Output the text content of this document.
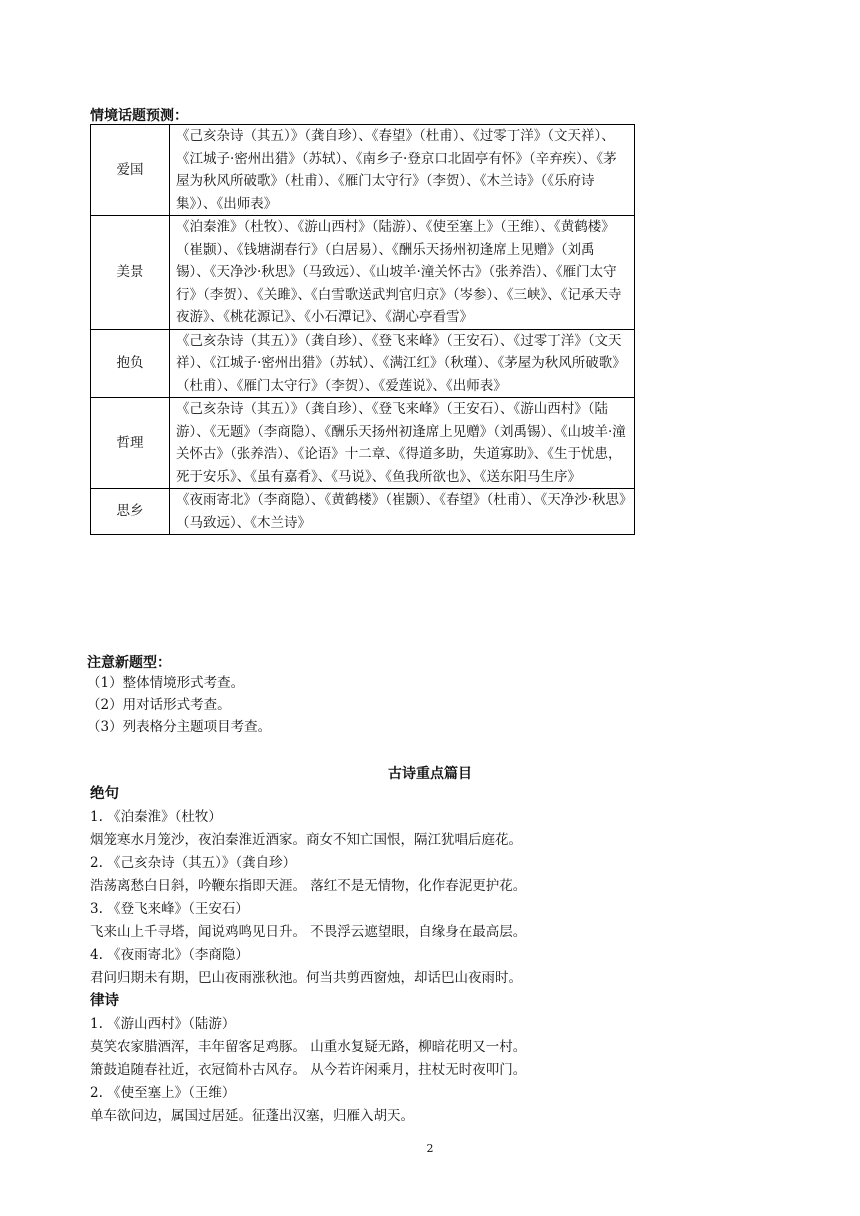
情境话题预测：
爱国	《己亥杂诗（其五）》（龚自珍）、《春望》（杜甫）、《过零丁洋》（文天祥）、《江城子·密州出猎》（苏轼）、《南乡子·登京口北固亭有怀》（辛弃疾）、《茅屋为秋风所破歌》（杜甫）、《雁门太守行》（李贺）、《木兰诗》（《乐府诗集》）、《出师表》
美景	《泊秦淮》（杜牧）、《游山西村》（陆游）、《使至塞上》（王维）、《黄鹤楼》（崔颢）、《钱塘湖春行》（白居易）、《酬乐天扬州初逢席上见赠》（刘禹锡）、《天净沙·秋思》（马致远）、《山坡羊·潼关怀古》（张养浩）、《雁门太守行》（李贺）、《关雎》、《白雪歌送武判官归京》（岑参）、《三峡》、《记承天寺夜游》、《桃花源记》、《小石潭记》、《湖心亭看雪》
抱负	《己亥杂诗（其五）》（龚自珍）、《登飞来峰》（王安石）、《过零丁洋》（文天祥）、《江城子·密州出猎》（苏轼）、《满江红》（秋瑾）、《茅屋为秋风所破歌》（杜甫）、《雁门太守行》（李贺）、《爱莲说》、《出师表》
哲理	《己亥杂诗（其五）》（龚自珍）、《登飞来峰》（王安石）、《游山西村》（陆游）、《无题》（李商隐）、《酬乐天扬州初逢席上见赠》（刘禹锡）、《山坡羊·潼关怀古》（张养浩）、《论语》十二章、《得道多助，失道寡助》、《生于忧患，死于安乐》、《虽有嘉肴》、《马说》、《鱼我所欲也》、《送东阳马生序》
思乡	《夜雨寄北》（李商隐）、《黄鹤楼》（崔颢）、《春望》（杜甫）、《天净沙·秋思》（马致远）、《木兰诗》
注意新题型：
（1）整体情境形式考查。
（2）用对话形式考查。
（3）列表格分主题项目考查。
古诗重点篇目
绝句
1. 《泊秦淮》（杜牧）
烟笼寒水月笼沙，夜泊秦淮近酒家。商女不知亡国恨，隔江犹唱后庭花。
2. 《己亥杂诗（其五）》（龚自珍）
浩荡离愁白日斜，吟鞭东指即天涯。 落红不是无情物，化作春泥更护花。
3. 《登飞来峰》（王安石）
飞来山上千寻塔，闻说鸡鸣见日升。 不畏浮云遮望眼，自缘身在最高层。
4. 《夜雨寄北》（李商隐）
君问归期未有期，巴山夜雨涨秋池。何当共剪西窗烛，却话巴山夜雨时。
律诗
1. 《游山西村》（陆游）
莫笑农家腊酒浑，丰年留客足鸡豚。 山重水复疑无路，柳暗花明又一村。
箫鼓追随春社近，衣冠简朴古风存。 从今若许闲乘月，拄杖无时夜叩门。
2. 《使至塞上》（王维）
单车欲问边，属国过居延。征蓬出汉塞，归雁入胡天。
2
